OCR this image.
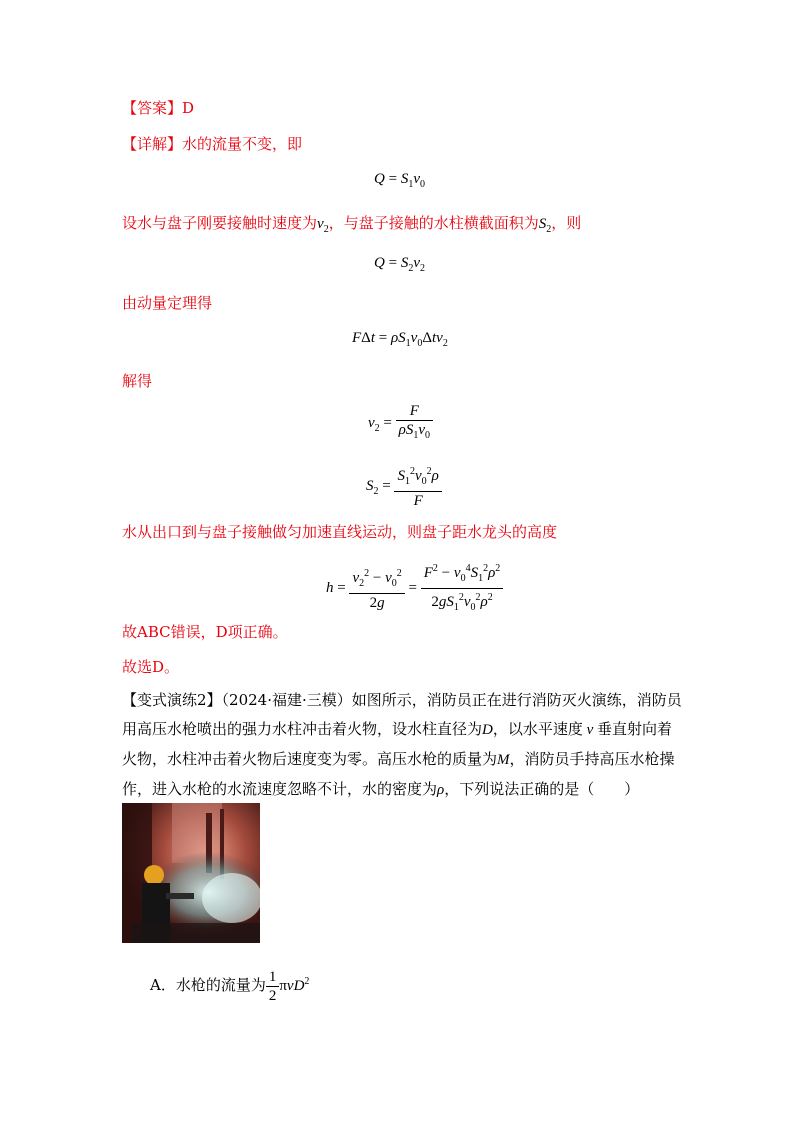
【答案】D
【详解】水的流量不变，即
$Q = S_1v_0$
设水与盘子刚要接触时速度为$v_2$，与盘子接触的水柱横截面积为$S_2$，则
$Q = S_2v_2$
由动量定理得
$F\Delta t = \rho S_1v_0\Delta tv_2$
解得
$v_2 = \frac{F}{\rho S_1v_0}$
$S_2 = \frac{S_1^2v_0^2\rho}{F}$
水从出口到与盘子接触做匀加速直线运动，则盘子距水龙头的高度
$h = \frac{v_2^2 - v_0^2}{2g} = \frac{F^2 - v_0^4S_1^2\rho^2}{2gS_1^2v_0^2\rho^2}$
故ABC错误，D项正确。
故选D。
【变式演练2】（2024·福建·三模）如图所示，消防员正在进行消防灭火演练，消防员用高压水枪喷出的强力水柱冲击着火物，设水柱直径为D，以水平速度 v 垂直射向着火物，水柱冲击着火物后速度变为零。高压水枪的质量为M，消防员手持高压水枪操作，进入水枪的水流速度忽略不计，水的密度为ρ，下列说法正确的是（　　）
A．水枪的流量为 $\frac{1}{2} \pi vD^2$
